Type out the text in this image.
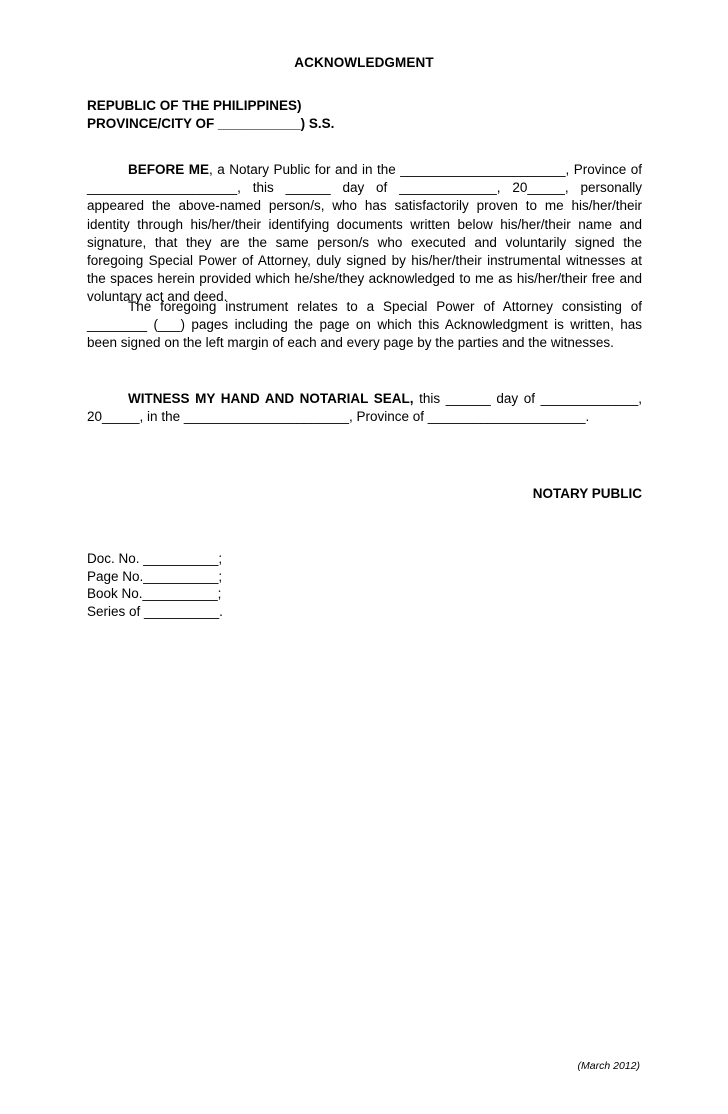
ACKNOWLEDGMENT
REPUBLIC OF THE PHILIPPINES)
PROVINCE/CITY OF ___________) S.S.
BEFORE ME, a Notary Public for and in the ______________________, Province of ____________________, this ______ day of _____________, 20_____, personally appeared the above-named person/s, who has satisfactorily proven to me his/her/their identity through his/her/their identifying documents written below his/her/their name and signature, that they are the same person/s who executed and voluntarily signed the foregoing Special Power of Attorney, duly signed by his/her/their instrumental witnesses at the spaces herein provided which he/she/they acknowledged to me as his/her/their free and voluntary act and deed.
The foregoing instrument relates to a Special Power of Attorney consisting of ________ (___) pages including the page on which this Acknowledgment is written, has been signed on the left margin of each and every page by the parties and the witnesses.
WITNESS MY HAND AND NOTARIAL SEAL, this ______ day of _____________, 20_____, in the ______________________, Province of _____________________.
NOTARY PUBLIC
Doc. No. __________;
Page No.__________;
Book No.__________;
Series of __________.
(March 2012)
